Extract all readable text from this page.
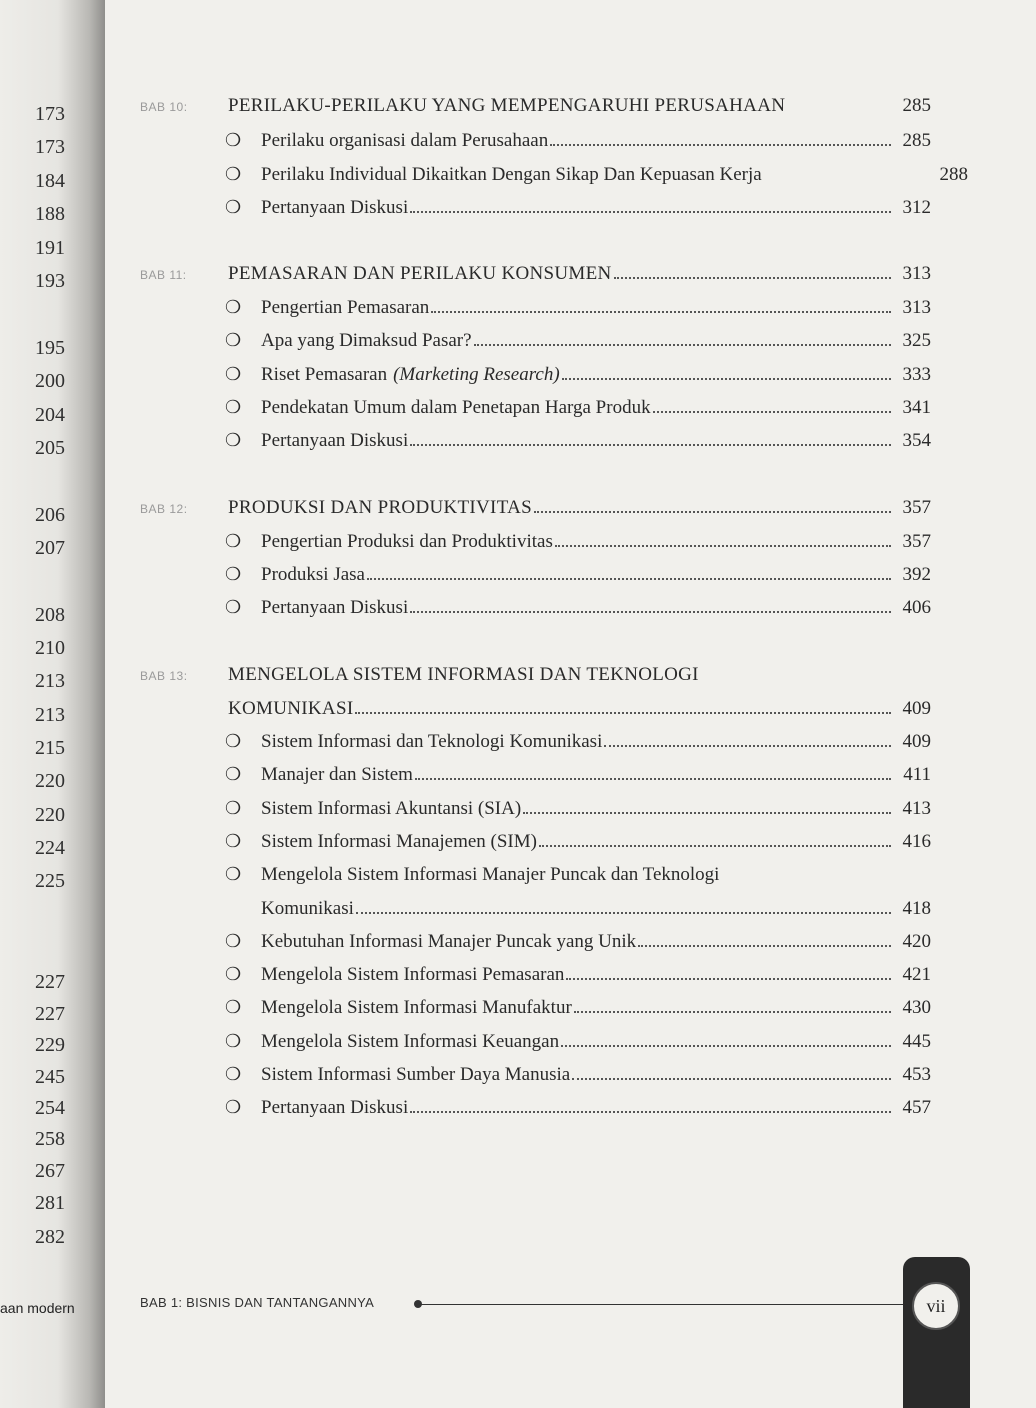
173
173
184
188
191
193
195
200
204
205
206
207
208
210
213
213
215
220
220
224
225
227
227
229
245
254
258
267
281
282
aan modern
BAB 10:	PERILAKU-PERILAKU YANG MEMPENGARUHI PERUSAHAAN	285
❍	Perilaku organisasi dalam Perusahaan	285
❍	Perilaku Individual Dikaitkan Dengan Sikap Dan Kepuasan Kerja	288
❍	Pertanyaan Diskusi	312
BAB 11:	PEMASARAN DAN PERILAKU KONSUMEN	313
❍	Pengertian Pemasaran	313
❍	Apa yang Dimaksud Pasar?	325
❍	Riset Pemasaran (Marketing Research)	333
❍	Pendekatan Umum dalam Penetapan Harga Produk	341
❍	Pertanyaan Diskusi	354
BAB 12:	PRODUKSI DAN PRODUKTIVITAS	357
❍	Pengertian Produksi dan Produktivitas	357
❍	Produksi Jasa	392
❍	Pertanyaan Diskusi	406
BAB 13:	MENGELOLA SISTEM INFORMASI DAN TEKNOLOGI
KOMUNIKASI	409
❍	Sistem Informasi dan Teknologi Komunikasi	409
❍	Manajer dan Sistem	411
❍	Sistem Informasi Akuntansi (SIA)	413
❍	Sistem Informasi Manajemen (SIM)	416
❍	Mengelola Sistem Informasi Manajer Puncak dan Teknologi
Komunikasi	418
❍	Kebutuhan Informasi Manajer Puncak yang Unik	420
❍	Mengelola Sistem Informasi Pemasaran	421
❍	Mengelola Sistem Informasi Manufaktur	430
❍	Mengelola Sistem Informasi Keuangan	445
❍	Sistem Informasi Sumber Daya Manusia	453
❍	Pertanyaan Diskusi	457
BAB 1: BISNIS DAN TANTANGANNYA	vii
